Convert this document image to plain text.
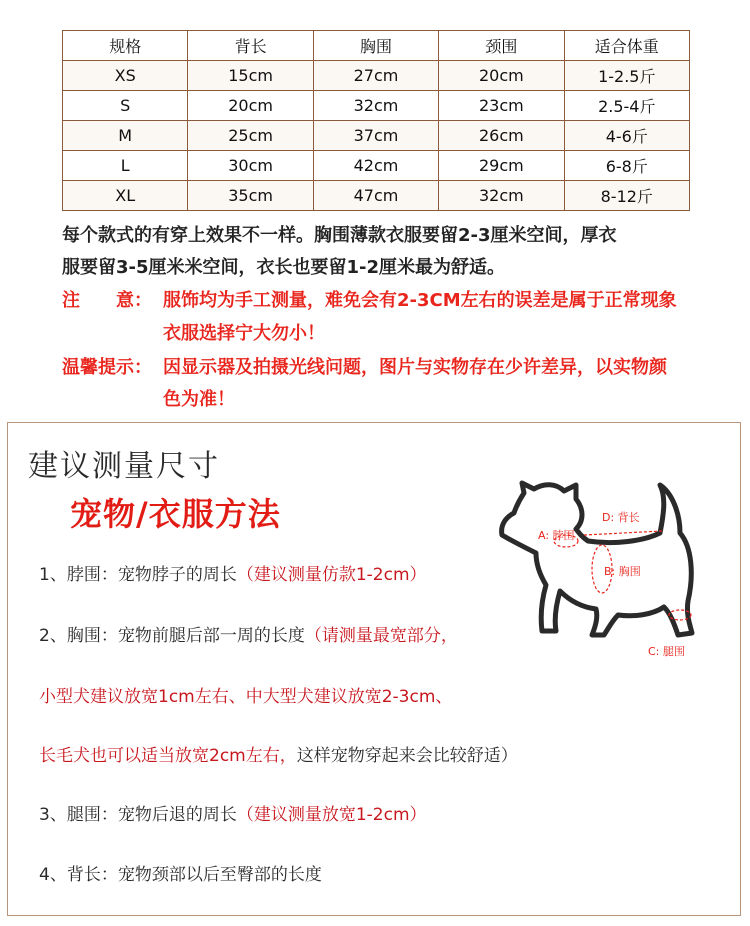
规格	背长	胸围	颈围	适合体重
XS	15cm	27cm	20cm	1-2.5斤
S	20cm	32cm	23cm	2.5-4斤
M	25cm	37cm	26cm	4-6斤
L	30cm	42cm	29cm	6-8斤
XL	35cm	47cm	32cm	8-12斤
每个款式的有穿上效果不一样。胸围薄款衣服要留2-3厘米空间，厚衣
服要留3-5厘米米空间，衣长也要留1-2厘米最为舒适。
注　　意： 服饰均为手工测量，难免会有2-3CM左右的误差是属于正常现象
衣服选择宁大勿小！
温馨提示： 因显示器及拍摄光线问题，图片与实物存在少许差异，以实物颜
色为准！
建议测量尺寸
宠物/衣服方法	D: 背长
A: 脖围
B: 胸围
C: 腿围
1、脖围：宠物脖子的周长（建议测量仿款1-2cm）
2、胸围：宠物前腿后部一周的长度（请测量最宽部分，
小型犬建议放宽1cm左右、中大型犬建议放宽2-3cm、
长毛犬也可以适当放宽2cm左右，这样宠物穿起来会比较舒适）
3、腿围：宠物后退的周长（建议测量放宽1-2cm）
4、背长：宠物颈部以后至臀部的长度
